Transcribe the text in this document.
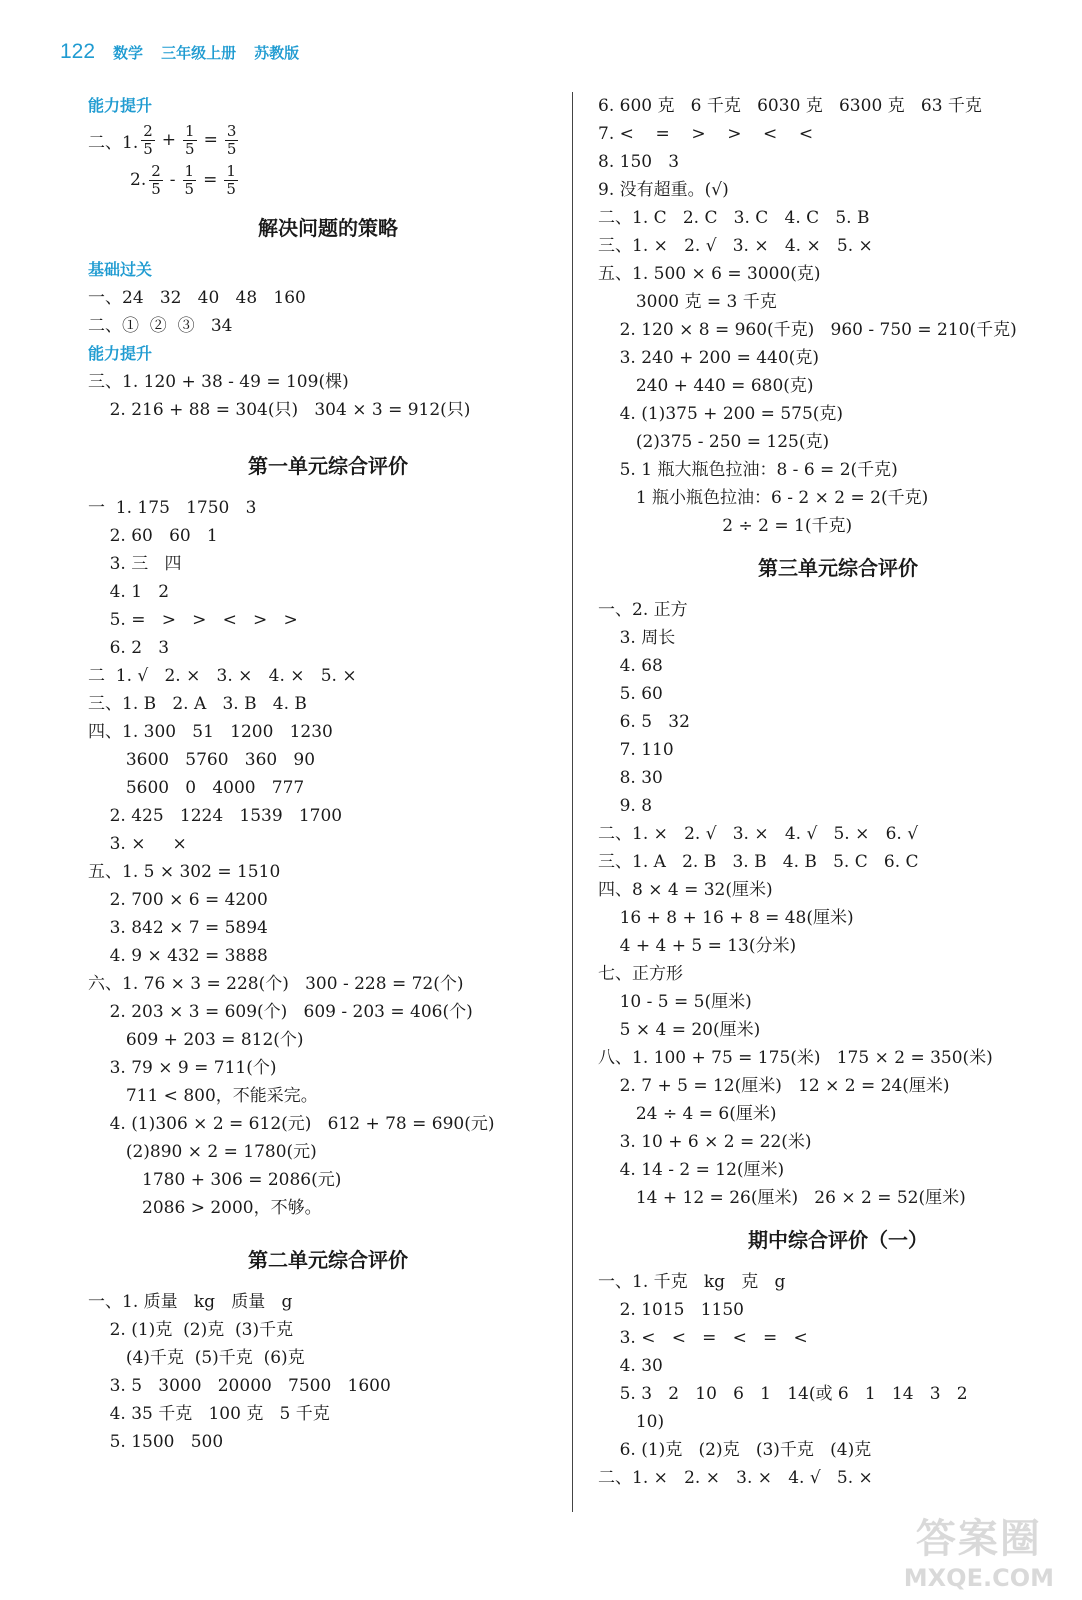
122 数学 三年级上册 苏教版
能力提升
二、1. $\frac{2}{5} + \frac{1}{5} = \frac{3}{5}$
2. $\frac{2}{5} - \frac{1}{5} = \frac{1}{5}$
解决问题的策略
基础过关
一、24   32   40   48   160
二、①  ②  ③   34
能力提升
三、1. 120 + 38 - 49 = 109(棵)
2. 216 + 88 = 304(只)   304 × 3 = 912(只)
第一单元综合评价
一  1. 175   1750   3
2. 60   60   1
3. 三   四
4. 1   2
5. =   >   >   <   >   >
6. 2   3
二  1. √   2. ×   3. ×   4. ×   5. ×
三、1. B   2. A   3. B   4. B
四、1. 300   51   1200   1230
3600   5760   360   90
5600   0   4000   777
2. 425   1224   1539   1700
3. ×     ×
五、1. 5 × 302 = 1510
2. 700 × 6 = 4200
3. 842 × 7 = 5894
4. 9 × 432 = 3888
六、1. 76 × 3 = 228(个)   300 - 228 = 72(个)
2. 203 × 3 = 609(个)   609 - 203 = 406(个)
609 + 203 = 812(个)
3. 79 × 9 = 711(个)
711 < 800，不能采完。
4. (1)306 × 2 = 612(元)   612 + 78 = 690(元)
(2)890 × 2 = 1780(元)
1780 + 306 = 2086(元)
2086 > 2000，不够。
第二单元综合评价
一、1. 质量   kg   质量   g
2. (1)克  (2)克  (3)千克
(4)千克  (5)千克  (6)克
3. 5   3000   20000   7500   1600
4. 35 千克   100 克   5 千克
5. 1500   500
6. 600 克   6 千克   6030 克   6300 克   63 千克
7. <    =    >    >    <    <
8. 150   3
9. 没有超重。(√)
二、1. C   2. C   3. C   4. C   5. B
三、1. ×   2. √   3. ×   4. ×   5. ×
五、1. 500 × 6 = 3000(克)
3000 克 = 3 千克
2. 120 × 8 = 960(千克)   960 - 750 = 210(千克)
3. 240 + 200 = 440(克)
240 + 440 = 680(克)
4. (1)375 + 200 = 575(克)
(2)375 - 250 = 125(克)
5. 1 瓶大瓶色拉油：8 - 6 = 2(千克)
1 瓶小瓶色拉油：6 - 2 × 2 = 2(千克)
2 ÷ 2 = 1(千克)
第三单元综合评价
一、2. 正方
3. 周长
4. 68
5. 60
6. 5   32
7. 110
8. 30
9. 8
二、1. ×   2. √   3. ×   4. √   5. ×   6. √
三、1. A   2. B   3. B   4. B   5. C   6. C
四、8 × 4 = 32(厘米)
16 + 8 + 16 + 8 = 48(厘米)
4 + 4 + 5 = 13(分米)
七、正方形
10 - 5 = 5(厘米)
5 × 4 = 20(厘米)
八、1. 100 + 75 = 175(米)   175 × 2 = 350(米)
2. 7 + 5 = 12(厘米)   12 × 2 = 24(厘米)
24 ÷ 4 = 6(厘米)
3. 10 + 6 × 2 = 22(米)
4. 14 - 2 = 12(厘米)
14 + 12 = 26(厘米)   26 × 2 = 52(厘米)
期中综合评价（一）
一、1. 千克   kg   克   g
2. 1015   1150
3. <   <   =   <   =   <
4. 30
5. 3   2   10   6   1   14(或 6   1   14   3   2
10)
6. (1)克   (2)克   (3)千克   (4)克
二、1. ×   2. ×   3. ×   4. √   5. ×
答案圈
MXQE.COM
